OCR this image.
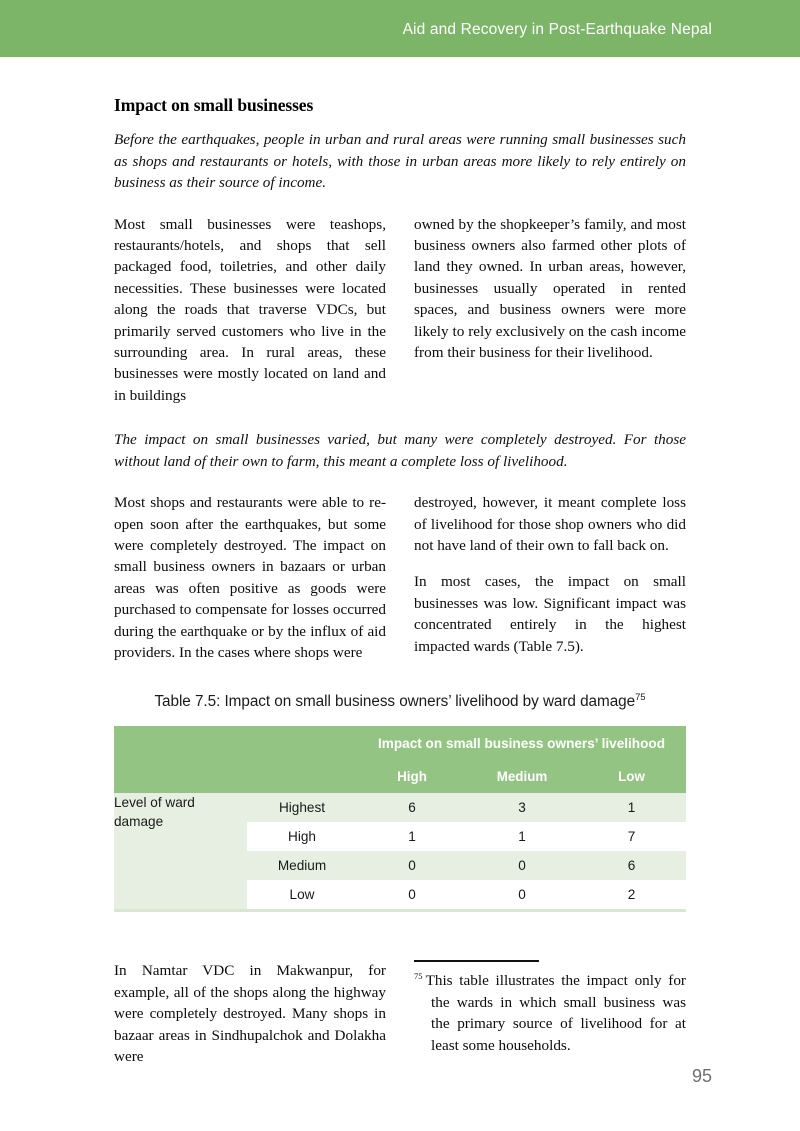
Aid and Recovery in Post-Earthquake Nepal
Impact on small businesses

Before the earthquakes, people in urban and rural areas were running small businesses such as shops and restaurants or hotels, with those in urban areas more likely to rely entirely on business as their source of income.

Most small businesses were teashops, restaurants/hotels, and shops that sell packaged food, toiletries, and other daily necessities. These businesses were located along the roads that traverse VDCs, but primarily served customers who live in the surrounding area. In rural areas, these businesses were mostly located on land and in buildings

owned by the shopkeeper’s family, and most business owners also farmed other plots of land they owned. In urban areas, however, businesses usually operated in rented spaces, and business owners were more likely to rely exclusively on the cash income from their business for their livelihood.

The impact on small businesses varied, but many were completely destroyed. For those without land of their own to farm, this meant a complete loss of livelihood.

Most shops and restaurants were able to re-open soon after the earthquakes, but some were completely destroyed. The impact on small business owners in bazaars or urban areas was often positive as goods were purchased to compensate for losses occurred during the earthquake or by the influx of aid providers. In the cases where shops were

destroyed, however, it meant complete loss of livelihood for those shop owners who did not have land of their own to fall back on.

In most cases, the impact on small businesses was low. Significant impact was concentrated entirely in the highest impacted wards (Table 7.5).

Table 7.5: Impact on small business owners’ livelihood by ward damage$^{75}$
		Impact on small business owners’ livelihood		
		High	Medium	Low
Level of ward damage	Highest	6	3	1
	High	1	1	7
	Medium	0	0	6
	Low	0	0	2

In Namtar VDC in Makwanpur, for example, all of the shops along the highway were completely destroyed. Many shops in bazaar areas in Sindhupalchok and Dolakha were

$^{75}$ This table illustrates the impact only for the wards in which small business was the primary source of livelihood for at least some households.

95
